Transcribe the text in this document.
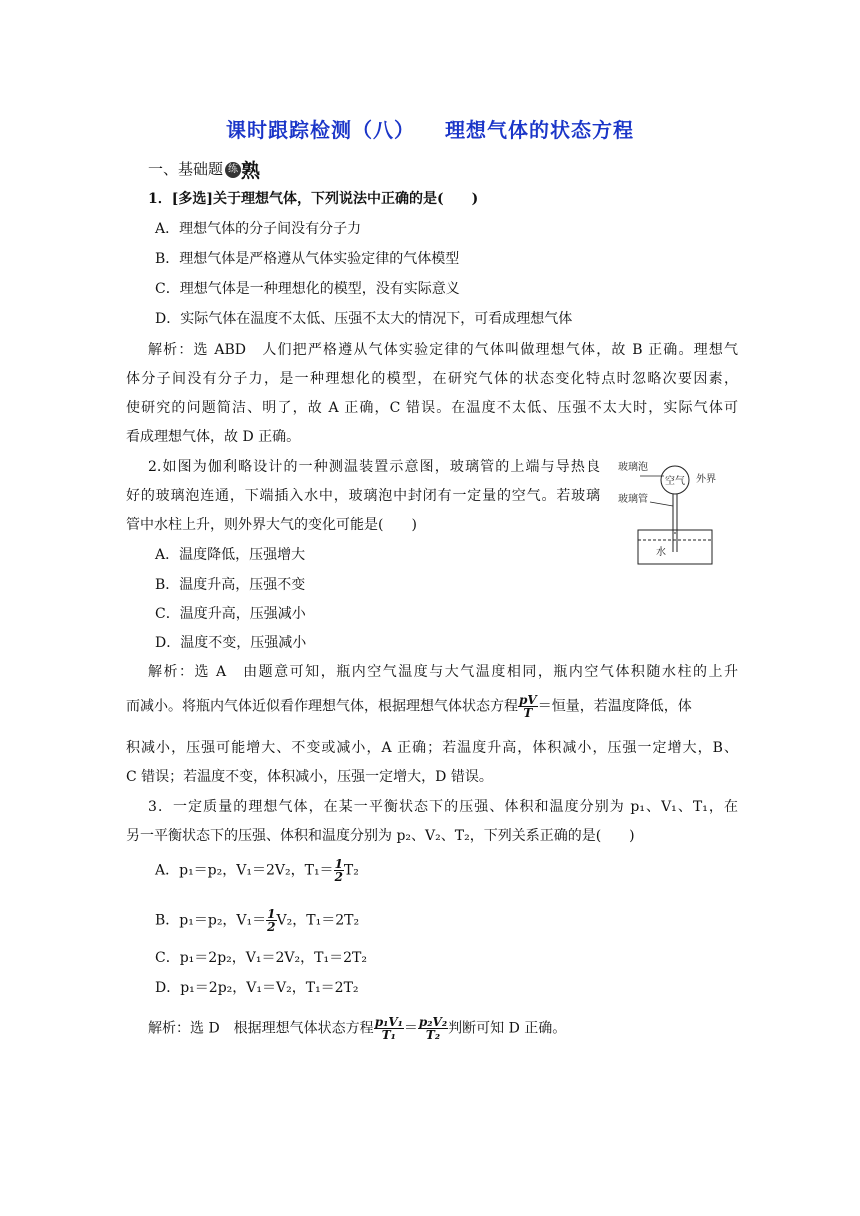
课时跟踪检测（八） 理想气体的状态方程
一、基础题 练 熟
1．[多选]关于理想气体，下列说法中正确的是(　　)
A．理想气体的分子间没有分子力
B．理想气体是严格遵从气体实验定律的气体模型
C．理想气体是一种理想化的模型，没有实际意义
D．实际气体在温度不太低、压强不太大的情况下，可看成理想气体
解析：选 ABD　人们把严格遵从气体实验定律的气体叫做理想气体，故 B 正确。理想气
体分子间没有分子力，是一种理想化的模型，在研究气体的状态变化特点时忽略次要因素，
使研究的问题简洁、明了，故 A 正确，C 错误。在温度不太低、压强不太大时，实际气体可
看成理想气体，故 D 正确。
2.如图为伽利略设计的一种测温装置示意图，玻璃管的上端与导热良
好的玻璃泡连通，下端插入水中，玻璃泡中封闭有一定量的空气。若玻璃
管中水柱上升，则外界大气的变化可能是(　　)
玻璃泡
空气 外界
玻璃管
水
A．温度降低，压强增大
B．温度升高，压强不变
C．温度升高，压强减小
D．温度不变，压强减小
解析：选 A　由题意可知，瓶内空气温度与大气温度相同，瓶内空气体积随水柱的上升
而减小。将瓶内气体近似看作理想气体，根据理想气体状态方程 $\frac{pV}{T}$ ＝恒量，若温度降低，体
积减小，压强可能增大、不变或减小，A 正确；若温度升高，体积减小，压强一定增大，B、
C 错误；若温度不变，体积减小，压强一定增大，D 错误。
3．一定质量的理想气体，在某一平衡状态下的压强、体积和温度分别为 p₁、V₁、T₁，在
另一平衡状态下的压强、体积和温度分别为 p₂、V₂、T₂，下列关系正确的是(　　)
A．p₁＝p₂，V₁＝2V₂，$T_1= \frac{1}{2} T_2$
B．p₁＝p₂，$V_1= \frac{1}{2} V_2$，T₁＝2T₂
C．p₁＝2p₂，V₁＝2V₂，T₁＝2T₂
D．p₁＝2p₂，V₁＝V₂，T₁＝2T₂
解析：选 D　根据理想气体状态方程 $\frac{\text{p₁V₁}}{\text{T₁}} = \frac{\text{p₂V₂}}{\text{T₂}}$ 判断可知 D 正确。
